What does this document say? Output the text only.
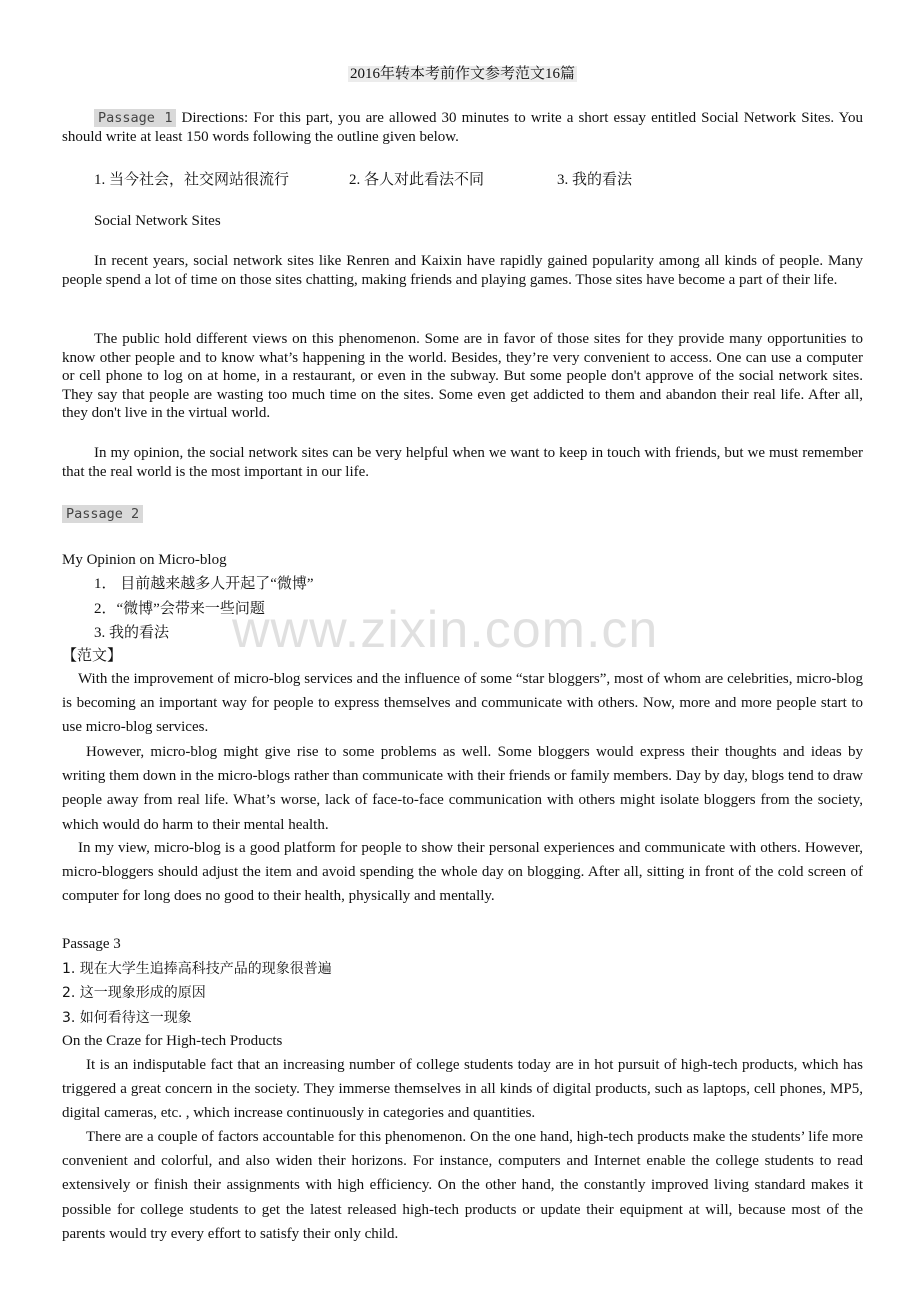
www.zixin.com.cn
2016年转本考前作文参考范文16篇
Passage 1 Directions: For this part, you are allowed 30 minutes to write a short essay entitled Social Network Sites. You should write at least 150 words following the outline given below.
1. 当今社会，社交网站很流行	2. 各人对此看法不同	3. 我的看法
Social Network Sites
In recent years, social network sites like Renren and Kaixin have rapidly gained popularity among all kinds of people. Many people spend a lot of time on those sites chatting, making friends and playing games. Those sites have become a part of their life.
The public hold different views on this phenomenon. Some are in favor of those sites for they provide many opportunities to know other people and to know what’s happening in the world. Besides, they’re very convenient to access. One can use a computer or cell phone to log on at home, in a restaurant, or even in the subway. But some people don't approve of the social network sites. They say that people are wasting too much time on the sites. Some even get addicted to them and abandon their real life. After all, they don't live in the virtual world.
In my opinion, the social network sites can be very helpful when we want to keep in touch with friends, but we must remember that the real world is the most important in our life.
Passage 2
My Opinion on Micro-blog
1． 目前越来越多人开起了“微博”
2．“微博”会带来一些问题
3. 我的看法
【范文】
With the improvement of micro-blog services and the influence of some “star bloggers”, most of whom are celebrities, micro-blog is becoming an important way for people to express themselves and communicate with others. Now, more and more people start to use micro-blog services.
However, micro-blog might give rise to some problems as well. Some bloggers would express their thoughts and ideas by writing them down in the micro-blogs rather than communicate with their friends or family members. Day by day, blogs tend to draw people away from real life. What’s worse, lack of face-to-face communication with others might isolate bloggers from the society, which would do harm to their mental health.
In my view, micro-blog is a good platform for people to show their personal experiences and communicate with others. However, micro-bloggers should adjust the item and avoid spending the whole day on blogging. After all, sitting in front of the cold screen of computer for long does no good to their health, physically and mentally.
Passage 3
1. 现在大学生追捧高科技产品的现象很普遍
2. 这一现象形成的原因
3. 如何看待这一现象
On the Craze for High-tech Products
It is an indisputable fact that an increasing number of college students today are in hot pursuit of high-tech products, which has triggered a great concern in the society. They immerse themselves in all kinds of digital products, such as laptops, cell phones, MP5, digital cameras, etc. , which increase continuously in categories and quantities.
There are a couple of factors accountable for this phenomenon. On the one hand, high-tech products make the students’ life more convenient and colorful, and also widen their horizons. For instance, computers and Internet enable the college students to read extensively or finish their assignments with high efficiency. On the other hand, the constantly improved living standard makes it possible for college students to get the latest released high-tech products or update their equipment at will, because most of the parents would try every effort to satisfy their only child.
